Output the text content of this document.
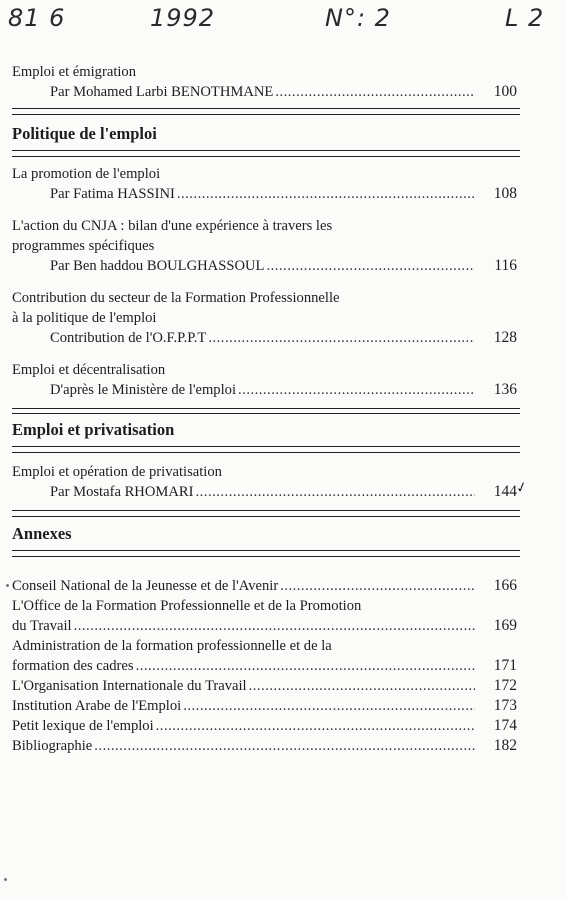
81 6	1992	N°: 2	L 2
Emploi et émigration
Par Mohamed Larbi BENOTHMANE .....	100
Politique de l'emploi
La promotion de l'emploi
Par Fatima HASSINI .....	108
L'action du CNJA : bilan d'une expérience à travers les
programmes spécifiques
Par Ben haddou BOULGHASSOUL .....	116
Contribution du secteur de la Formation Professionnelle
à la politique de l'emploi
Contribution de l'O.F.P.P.T .....	128
Emploi et décentralisation
D'après le Ministère de l'emploi .....	136
Emploi et privatisation
Emploi et opération de privatisation
Par Mostafa RHOMARI .....	144
✓
Annexes
Conseil National de la Jeunesse et de l'Avenir .....	166
L'Office de la Formation Professionnelle et de la Promotion
du Travail .....	169
Administration de la formation professionnelle et de la
formation des cadres .....	171
L'Organisation Internationale du Travail .....	172
Institution Arabe de l'Emploi .....	173
Petit lexique de l'emploi .....	174
Bibliographie .....	182
